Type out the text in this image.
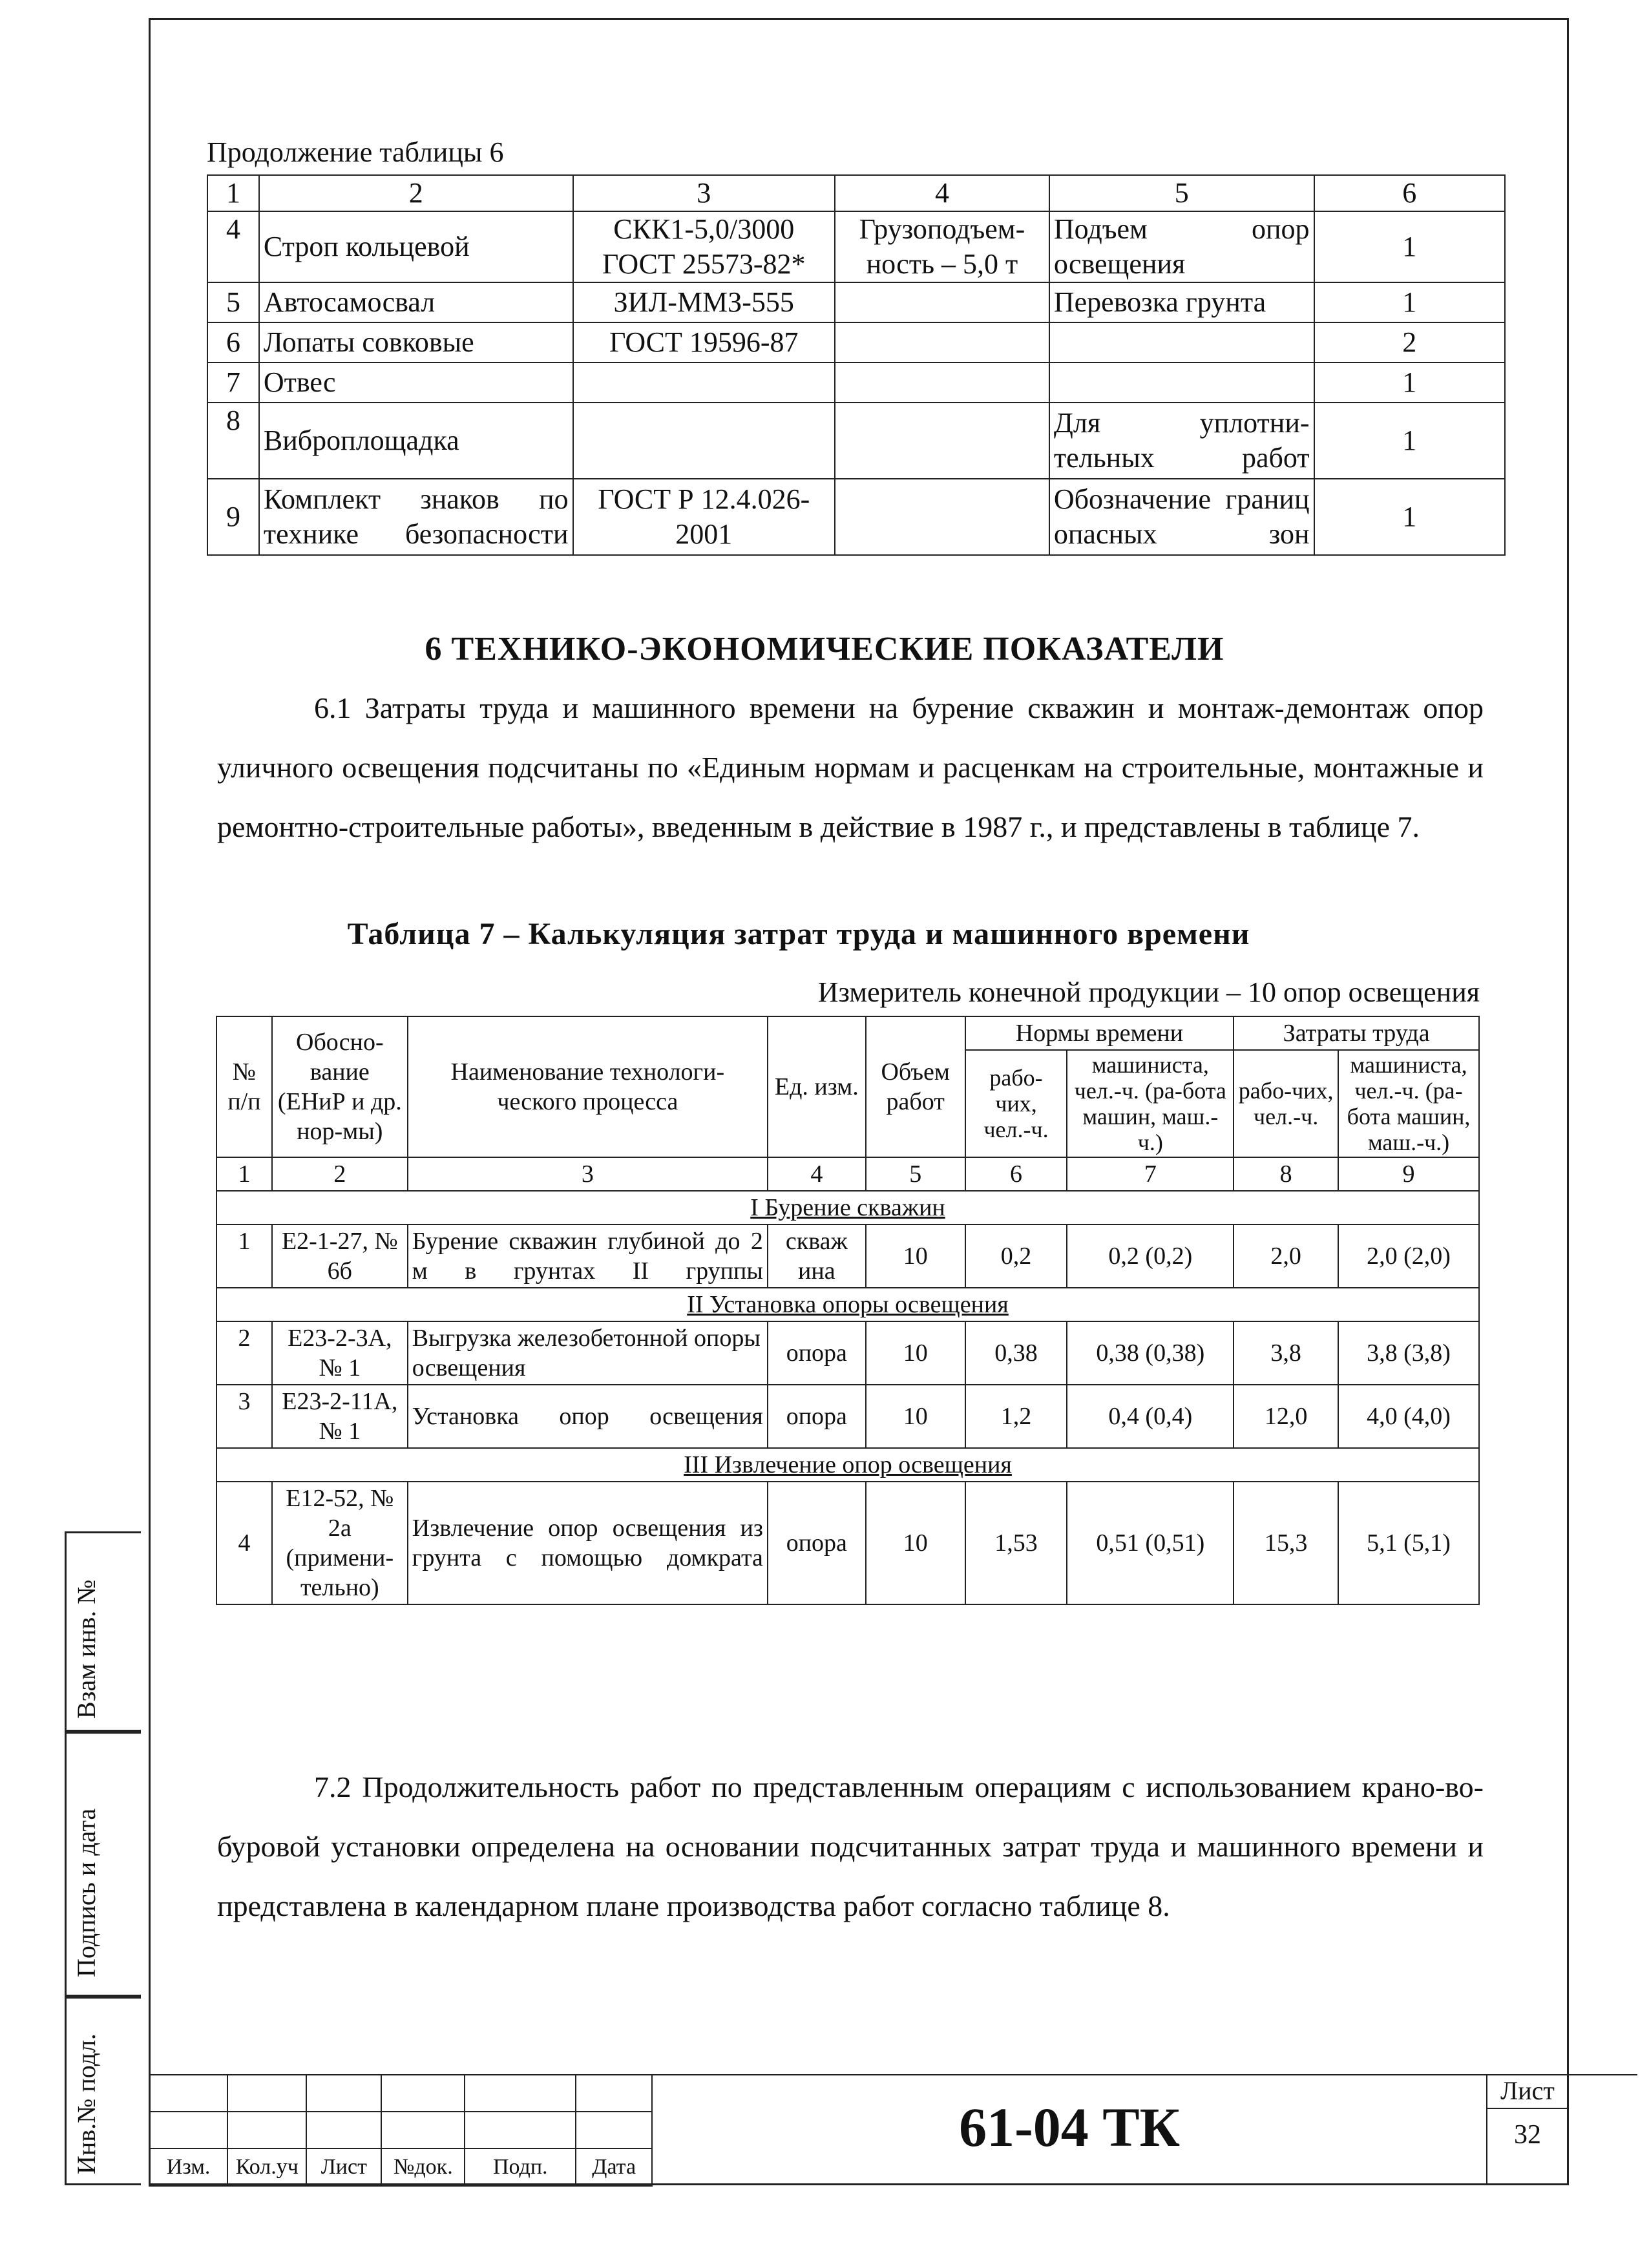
Продолжение таблицы 6
1	2	3	4	5	6
4	Строп кольцевой	СКК1-5,0/3000 ГОСТ 25573-82*	Грузоподъем-ность – 5,0 т	Подъем опор освещения	1
5	Автосамосвал	ЗИЛ-ММЗ-555		Перевозка грунта	1
6	Лопаты совковые	ГОСТ 19596-87			2
7	Отвес				1
8	Виброплощадка			Для уплотни-тельных работ	1
9	Комплект знаков по технике безопасности	ГОСТ Р 12.4.026-2001		Обозначение границ опасных зон	1
6 ТЕХНИКО-ЭКОНОМИЧЕСКИЕ ПОКАЗАТЕЛИ
6.1 Затраты труда и машинного времени на бурение скважин и монтаж-демонтаж опор уличного освещения подсчитаны по «Единым нормам и расценкам на строительные, монтажные и ремонтно-строительные работы», введенным в действие в 1987 г., и представлены в таблице 7.
Таблица 7 – Калькуляция затрат труда и машинного времени
Измеритель конечной продукции – 10 опор освещения
№ п/п	Обосно-вание (ЕНиР и др. нор-мы)	Наименование технологи-ческого процесса	Ед. изм.	Объем работ	Нормы времени		Затраты труда	
					рабо-чих, чел.-ч.	машиниста, чел.-ч. (ра-бота машин, маш.-ч.)	рабо-чих, чел.-ч.	машиниста, чел.-ч. (ра-бота машин, маш.-ч.)
1	2	3	4	5	6	7	8	9
I Бурение скважин								
1	Е2-1-27, № 6б	Бурение скважин глубиной до 2 м в грунтах II группы	скваж ина	10	0,2	0,2 (0,2)	2,0	2,0 (2,0)
II Установка опоры освещения								
2	Е23-2-3А, № 1	Выгрузка железобетонной опоры освещения	опора	10	0,38	0,38 (0,38)	3,8	3,8 (3,8)
3	Е23-2-11А, № 1	Установка опор освещения	опора	10	1,2	0,4 (0,4)	12,0	4,0 (4,0)
III Извлечение опор освещения								
4	Е12-52, № 2а (примени-тельно)	Извлечение опор освещения из грунта с помощью домкрата	опора	10	1,53	0,51 (0,51)	15,3	5,1 (5,1)
7.2 Продолжительность работ по представленным операциям с использованием крано-во-буровой установки определена на основании подсчитанных затрат труда и машинного времени и представлена в календарном плане производства работ согласно таблице 8.
Взам инв. №
Подпись и дата
Инв.№ подл.

						Изм.	Кол.уч	Лист	№док.	Подп.	Дата
61-04 ТК
Лист
32
